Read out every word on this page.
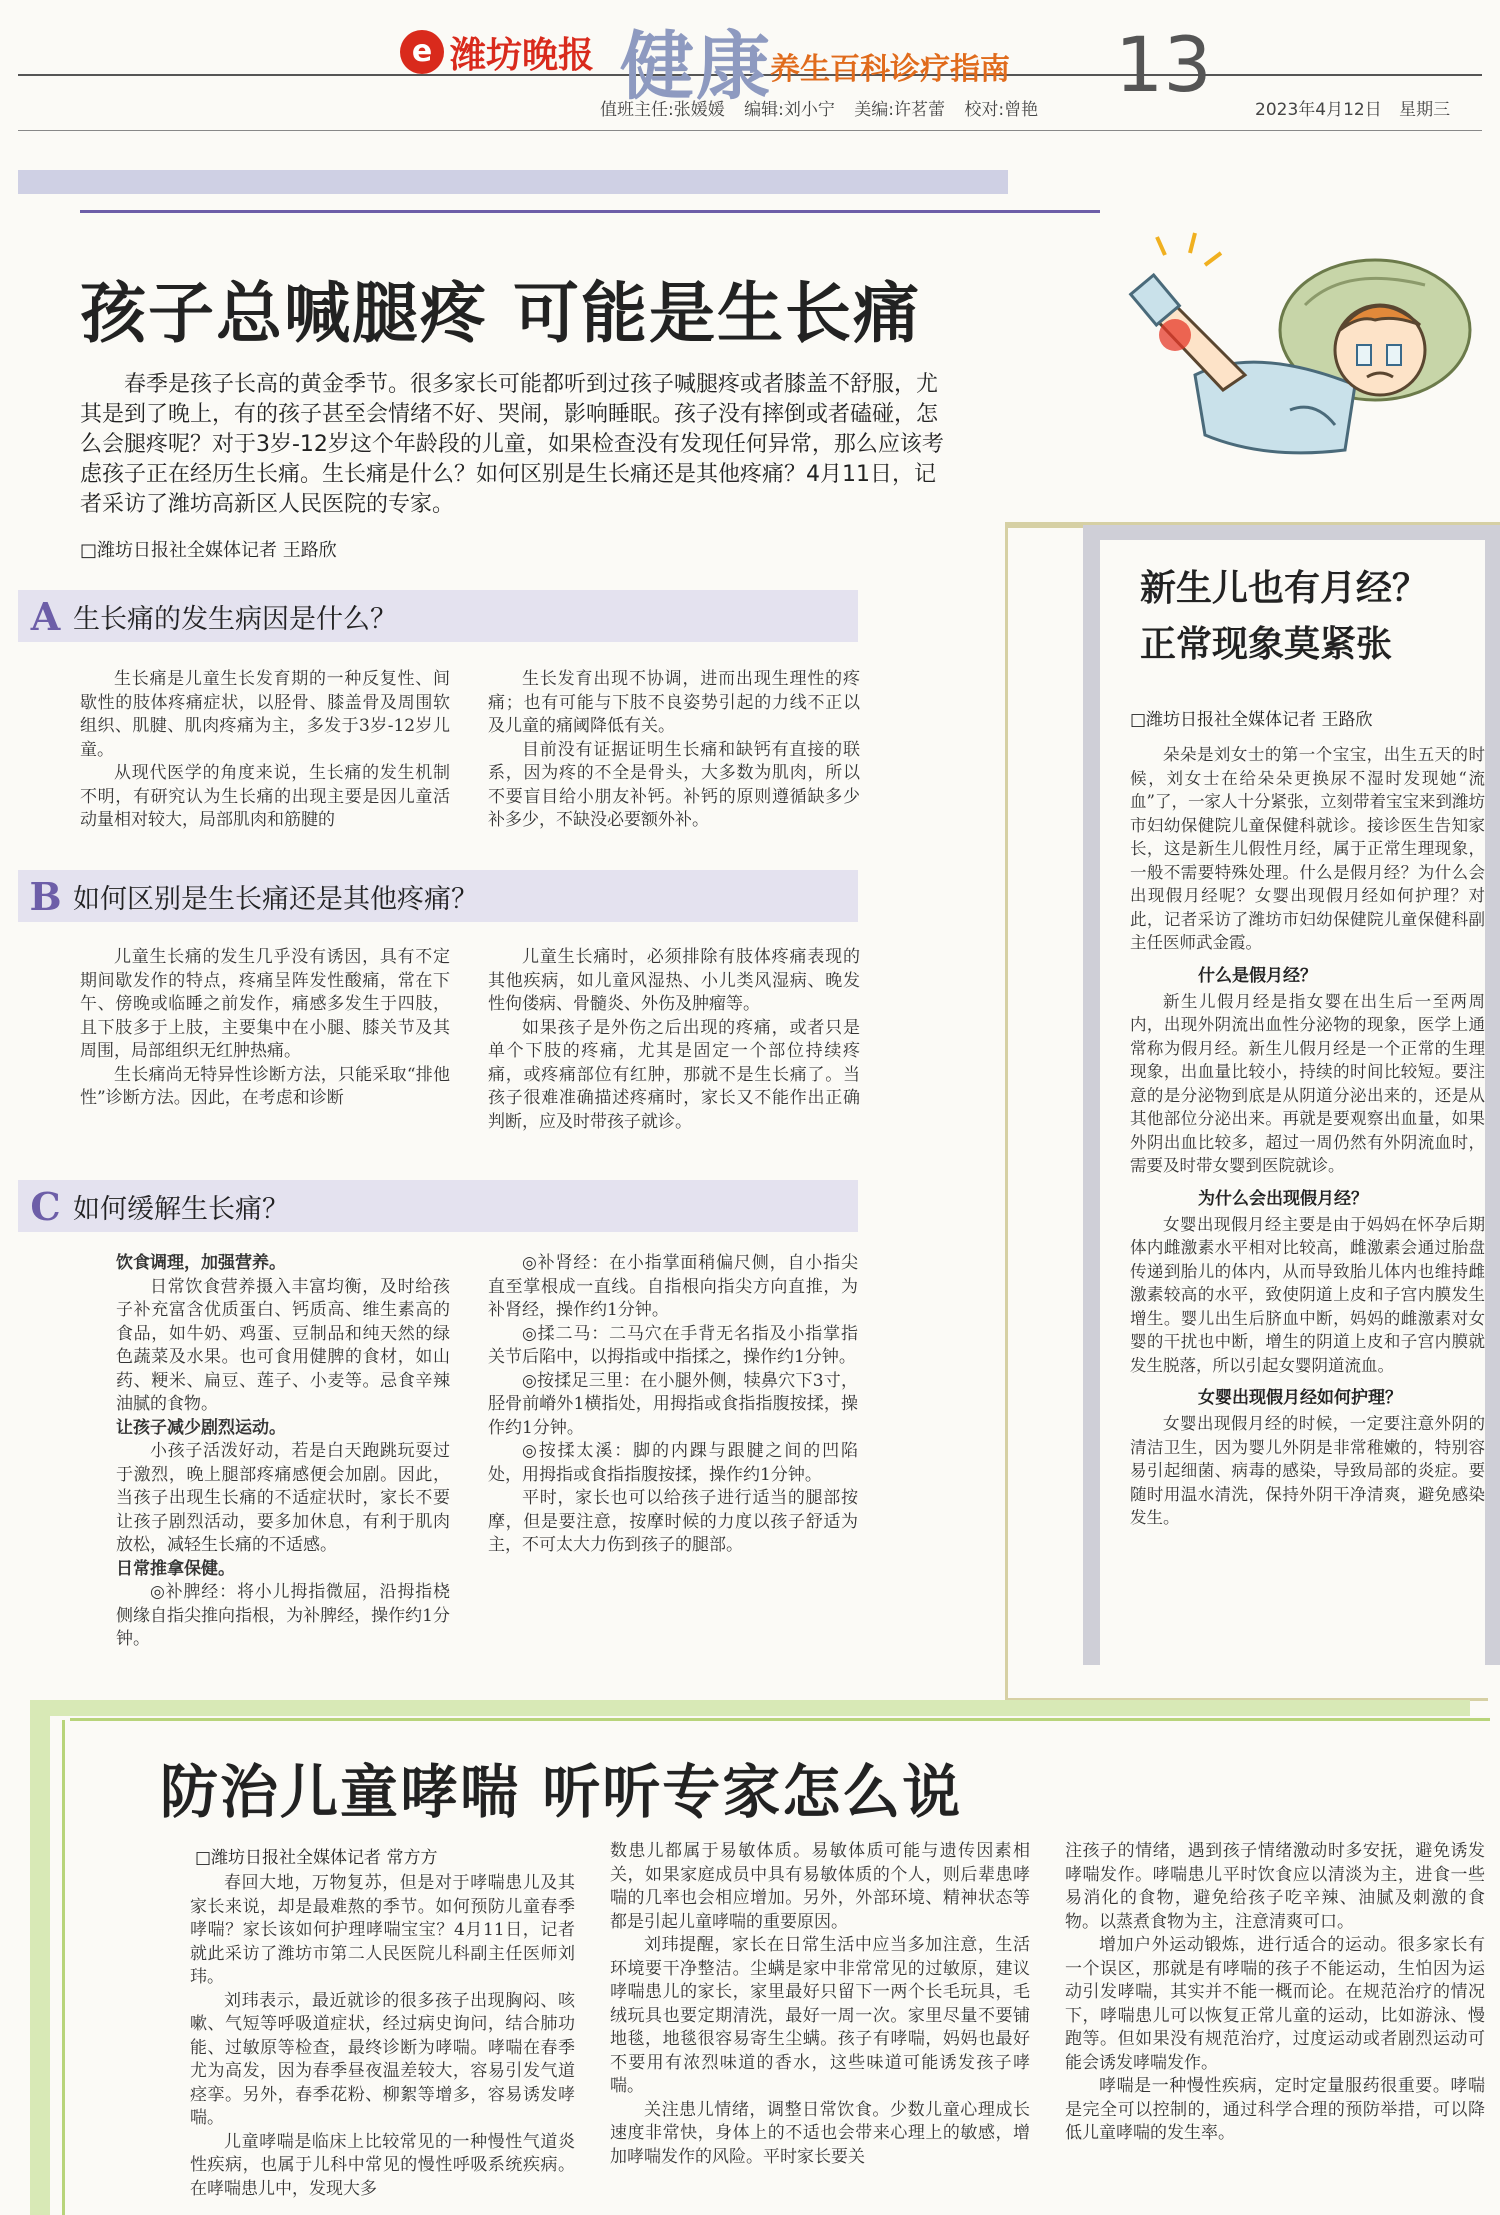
e 潍坊晚报 健康
养生百科诊疗指南 13
值班主任:张媛媛 编辑:刘小宁 美编:许茗蕾 校对:曾艳	2023年4月12日 星期三
孩子总喊腿疼 可能是生长痛
春季是孩子长高的黄金季节。很多家长可能都听到过孩子喊腿疼或者膝盖不舒服，尤其是到了晚上，有的孩子甚至会情绪不好、哭闹，影响睡眠。孩子没有摔倒或者磕碰，怎么会腿疼呢？对于3岁-12岁这个年龄段的儿童，如果检查没有发现任何异常，那么应该考虑孩子正在经历生长痛。生长痛是什么？如何区别是生长痛还是其他疼痛？4月11日，记者采访了潍坊高新区人民医院的专家。
□潍坊日报社全媒体记者 王路欣
A 生长痛的发生病因是什么？

生长痛是儿童生长发育期的一种反复性、间歇性的肢体疼痛症状，以胫骨、膝盖骨及周围软组织、肌腱、肌肉疼痛为主，多发于3岁-12岁儿童。

从现代医学的角度来说，生长痛的发生机制不明，有研究认为生长痛的出现主要是因儿童活动量相对较大，局部肌肉和筋腱的

生长发育出现不协调，进而出现生理性的疼痛；也有可能与下肢不良姿势引起的力线不正以及儿童的痛阈降低有关。

目前没有证据证明生长痛和缺钙有直接的联系，因为疼的不全是骨头，大多数为肌肉，所以不要盲目给小朋友补钙。补钙的原则遵循缺多少补多少，不缺没必要额外补。

B 如何区别是生长痛还是其他疼痛？

儿童生长痛的发生几乎没有诱因，具有不定期间歇发作的特点，疼痛呈阵发性酸痛，常在下午、傍晚或临睡之前发作，痛感多发生于四肢，且下肢多于上肢，主要集中在小腿、膝关节及其周围，局部组织无红肿热痛。

生长痛尚无特异性诊断方法，只能采取“排他性”诊断方法。因此，在考虑和诊断

儿童生长痛时，必须排除有肢体疼痛表现的其他疾病，如儿童风湿热、小儿类风湿病、晚发性佝偻病、骨髓炎、外伤及肿瘤等。

如果孩子是外伤之后出现的疼痛，或者只是单个下肢的疼痛，尤其是固定一个部位持续疼痛，或疼痛部位有红肿，那就不是生长痛了。当孩子很难准确描述疼痛时，家长又不能作出正确判断，应及时带孩子就诊。

C 如何缓解生长痛？

饮食调理，加强营养。

日常饮食营养摄入丰富均衡，及时给孩子补充富含优质蛋白、钙质高、维生素高的食品，如牛奶、鸡蛋、豆制品和纯天然的绿色蔬菜及水果。也可食用健脾的食材，如山药、粳米、扁豆、莲子、小麦等。忌食辛辣油腻的食物。

让孩子减少剧烈运动。

小孩子活泼好动，若是白天跑跳玩耍过于激烈，晚上腿部疼痛感便会加剧。因此，当孩子出现生长痛的不适症状时，家长不要让孩子剧烈活动，要多加休息，有利于肌肉放松，减轻生长痛的不适感。

日常推拿保健。

◎补脾经：将小儿拇指微屈，沿拇指桡侧缘自指尖推向指根，为补脾经，操作约1分钟。

◎补肾经：在小指掌面稍偏尺侧，自小指尖直至掌根成一直线。自指根向指尖方向直推，为补肾经，操作约1分钟。

◎揉二马：二马穴在手背无名指及小指掌指关节后陷中，以拇指或中指揉之，操作约1分钟。

◎按揉足三里：在小腿外侧，犊鼻穴下3寸，胫骨前嵴外1横指处，用拇指或食指指腹按揉，操作约1分钟。

◎按揉太溪：脚的内踝与跟腱之间的凹陷处，用拇指或食指指腹按揉，操作约1分钟。

平时，家长也可以给孩子进行适当的腿部按摩，但是要注意，按摩时候的力度以孩子舒适为主，不可太大力伤到孩子的腿部。

新生儿也有月经？
正常现象莫紧张
□潍坊日报社全媒体记者 王路欣

朵朵是刘女士的第一个宝宝，出生五天的时候，刘女士在给朵朵更换尿不湿时发现她“流血”了，一家人十分紧张，立刻带着宝宝来到潍坊市妇幼保健院儿童保健科就诊。接诊医生告知家长，这是新生儿假性月经，属于正常生理现象，一般不需要特殊处理。什么是假月经？为什么会出现假月经呢？女婴出现假月经如何护理？对此，记者采访了潍坊市妇幼保健院儿童保健科副主任医师武金霞。

什么是假月经？

新生儿假月经是指女婴在出生后一至两周内，出现外阴流出血性分泌物的现象，医学上通常称为假月经。新生儿假月经是一个正常的生理现象，出血量比较小，持续的时间比较短。要注意的是分泌物到底是从阴道分泌出来的，还是从其他部位分泌出来。再就是要观察出血量，如果外阴出血比较多，超过一周仍然有外阴流血时，需要及时带女婴到医院就诊。

为什么会出现假月经？

女婴出现假月经主要是由于妈妈在怀孕后期体内雌激素水平相对比较高，雌激素会通过胎盘传递到胎儿的体内，从而导致胎儿体内也维持雌激素较高的水平，致使阴道上皮和子宫内膜发生增生。婴儿出生后脐血中断，妈妈的雌激素对女婴的干扰也中断，增生的阴道上皮和子宫内膜就发生脱落，所以引起女婴阴道流血。

女婴出现假月经如何护理？

女婴出现假月经的时候，一定要注意外阴的清洁卫生，因为婴儿外阴是非常稚嫩的，特别容易引起细菌、病毒的感染，导致局部的炎症。要随时用温水清洗，保持外阴干净清爽，避免感染发生。

防治儿童哮喘 听听专家怎么说
□潍坊日报社全媒体记者 常方方

春回大地，万物复苏，但是对于哮喘患儿及其家长来说，却是最难熬的季节。如何预防儿童春季哮喘？家长该如何护理哮喘宝宝？4月11日，记者就此采访了潍坊市第二人民医院儿科副主任医师刘玮。

刘玮表示，最近就诊的很多孩子出现胸闷、咳嗽、气短等呼吸道症状，经过病史询问，结合肺功能、过敏原等检查，最终诊断为哮喘。哮喘在春季尤为高发，因为春季昼夜温差较大，容易引发气道痉挛。另外，春季花粉、柳絮等增多，容易诱发哮喘。

儿童哮喘是临床上比较常见的一种慢性气道炎性疾病，也属于儿科中常见的慢性呼吸系统疾病。在哮喘患儿中，发现大多

数患儿都属于易敏体质。易敏体质可能与遗传因素相关，如果家庭成员中具有易敏体质的个人，则后辈患哮喘的几率也会相应增加。另外，外部环境、精神状态等都是引起儿童哮喘的重要原因。

刘玮提醒，家长在日常生活中应当多加注意，生活环境要干净整洁。尘螨是家中非常常见的过敏原，建议哮喘患儿的家长，家里最好只留下一两个长毛玩具，毛绒玩具也要定期清洗，最好一周一次。家里尽量不要铺地毯，地毯很容易寄生尘螨。孩子有哮喘，妈妈也最好不要用有浓烈味道的香水，这些味道可能诱发孩子哮喘。

关注患儿情绪，调整日常饮食。少数儿童心理成长速度非常快，身体上的不适也会带来心理上的敏感，增加哮喘发作的风险。平时家长要关

注孩子的情绪，遇到孩子情绪激动时多安抚，避免诱发哮喘发作。哮喘患儿平时饮食应以清淡为主，进食一些易消化的食物，避免给孩子吃辛辣、油腻及刺激的食物。以蒸煮食物为主，注意清爽可口。

增加户外运动锻炼，进行适合的运动。很多家长有一个误区，那就是有哮喘的孩子不能运动，生怕因为运动引发哮喘，其实并不能一概而论。在规范治疗的情况下，哮喘患儿可以恢复正常儿童的运动，比如游泳、慢跑等。但如果没有规范治疗，过度运动或者剧烈运动可能会诱发哮喘发作。

哮喘是一种慢性疾病，定时定量服药很重要。哮喘是完全可以控制的，通过科学合理的预防举措，可以降低儿童哮喘的发生率。
